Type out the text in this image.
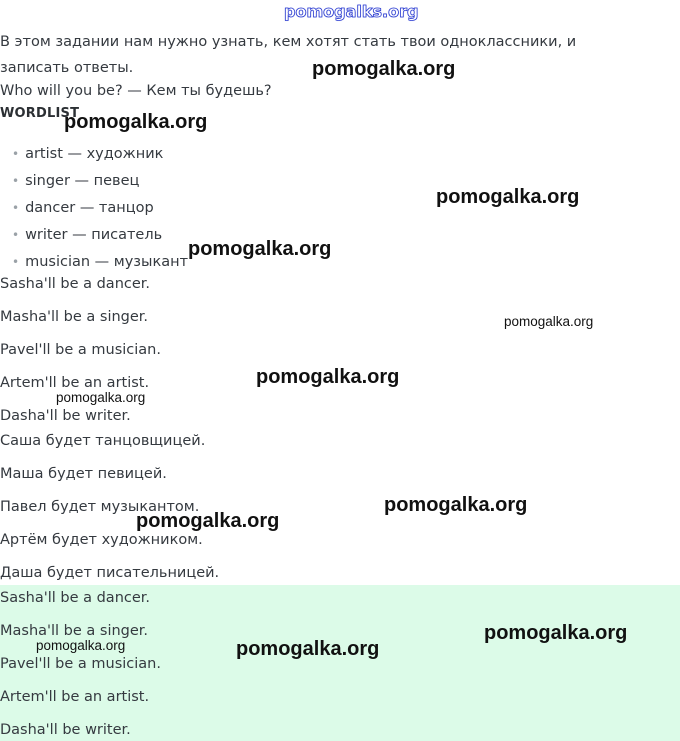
pomogalks.org
В этом задании нам нужно узнать, кем хотят стать твои одноклассники, и записать ответы.
Who will you be? — Кем ты будешь?
WORDLIST
• artist — художник
• singer — певец
• dancer — танцор
• writer — писатель
• musician — музыкант
Sasha'll be a dancer.
Masha'll be a singer.
Pavel'll be a musician.
Artem'll be an artist.
Dasha'll be writer.
Саша будет танцовщицей.
Маша будет певицей.
Павел будет музыкантом.
Артём будет художником.
Даша будет писательницей.
Sasha'll be a dancer.
Masha'll be a singer.
Pavel'll be a musician.
Artem'll be an artist.
Dasha'll be writer.
pomogalka.org
pomogalka.org
pomogalka.org
pomogalka.org
pomogalka.org
pomogalka.org
pomogalka.org
pomogalka.org
pomogalka.org
pomogalka.org
pomogalka.org	pomogalka.org
